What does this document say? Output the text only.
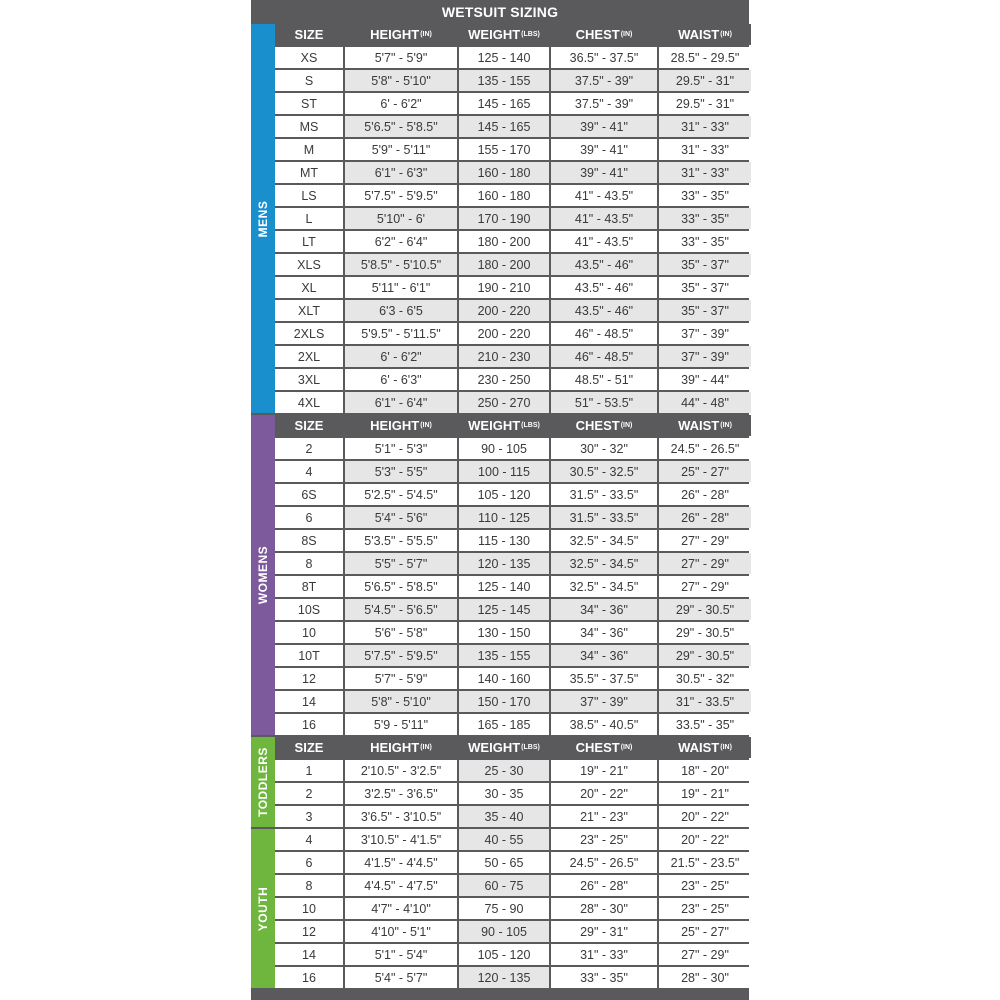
WETSUIT SIZING
SIZE	HEIGHT (IN)	WEIGHT (LBS)	CHEST (IN)	WAIST (IN)
XS	5'7" - 5'9"	125 - 140	36.5" - 37.5"	28.5" - 29.5"
S	5'8" - 5'10"	135 - 155	37.5" - 39"	29.5" - 31"
ST	6' - 6'2"	145 - 165	37.5" - 39"	29.5" - 31"
MS	5'6.5" - 5'8.5"	145 - 165	39" - 41"	31" - 33"
M	5'9" - 5'11"	155 - 170	39" - 41"	31" - 33"
MT	6'1" - 6'3"	160 - 180	39" - 41"	31" - 33"
LS	5'7.5" - 5'9.5"	160 - 180	41" - 43.5"	33" - 35"
L	5'10" - 6'	170 - 190	41" - 43.5"	33" - 35"
LT	6'2" - 6'4"	180 - 200	41" - 43.5"	33" - 35"
XLS	5'8.5" - 5'10.5"	180 - 200	43.5" - 46"	35" - 37"
XL	5'11" - 6'1"	190 - 210	43.5" - 46"	35" - 37"
XLT	6'3 - 6'5	200 - 220	43.5" - 46"	35" - 37"
2XLS	5'9.5" - 5'11.5"	200 - 220	46" - 48.5"	37" - 39"
2XL	6' - 6'2"	210 - 230	46" - 48.5"	37" - 39"
3XL	6' - 6'3"	230 - 250	48.5" - 51"	39" - 44"
4XL	6'1" - 6'4"	250 - 270	51" - 53.5"	44" - 48"
MENS
SIZE	HEIGHT (IN)	WEIGHT (LBS)	CHEST (IN)	WAIST (IN)
2	5'1" - 5'3"	90 - 105	30" - 32"	24.5" - 26.5"
4	5'3" - 5'5"	100 - 115	30.5" - 32.5"	25" - 27"
6S	5'2.5" - 5'4.5"	105 - 120	31.5" - 33.5"	26" - 28"
6	5'4" - 5'6"	110 - 125	31.5" - 33.5"	26" - 28"
8S	5'3.5" - 5'5.5"	115 - 130	32.5" - 34.5"	27" - 29"
8	5'5" - 5'7"	120 - 135	32.5" - 34.5"	27" - 29"
8T	5'6.5" - 5'8.5"	125 - 140	32.5" - 34.5"	27" - 29"
10S	5'4.5" - 5'6.5"	125 - 145	34" - 36"	29" - 30.5"
10	5'6" - 5'8"	130 - 150	34" - 36"	29" - 30.5"
10T	5'7.5" - 5'9.5"	135 - 155	34" - 36"	29" - 30.5"
12	5'7" - 5'9"	140 - 160	35.5" - 37.5"	30.5" - 32"
14	5'8" - 5'10"	150 - 170	37" - 39"	31" - 33.5"
16	5'9 - 5'11"	165 - 185	38.5" - 40.5"	33.5" - 35"
WOMENS
SIZE	HEIGHT (IN)	WEIGHT (LBS)	CHEST (IN)	WAIST (IN)
1	2'10.5" - 3'2.5"	25 - 30	19" - 21"	18" - 20"
2	3'2.5" - 3'6.5"	30 - 35	20" - 22"	19" - 21"
3	3'6.5" - 3'10.5"	35 - 40	21" - 23"	20" - 22"
TODDLERS
4	3'10.5" - 4'1.5"	40 - 55	23" - 25"	20" - 22"
6	4'1.5" - 4'4.5"	50 - 65	24.5" - 26.5"	21.5" - 23.5"
8	4'4.5" - 4'7.5"	60 - 75	26" - 28"	23" - 25"
10	4'7" - 4'10"	75 - 90	28" - 30"	23" - 25"
12	4'10" - 5'1"	90 - 105	29" - 31"	25" - 27"
14	5'1" - 5'4"	105 - 120	31" - 33"	27" - 29"
16	5'4" - 5'7"	120 - 135	33" - 35"	28" - 30"
YOUTH
